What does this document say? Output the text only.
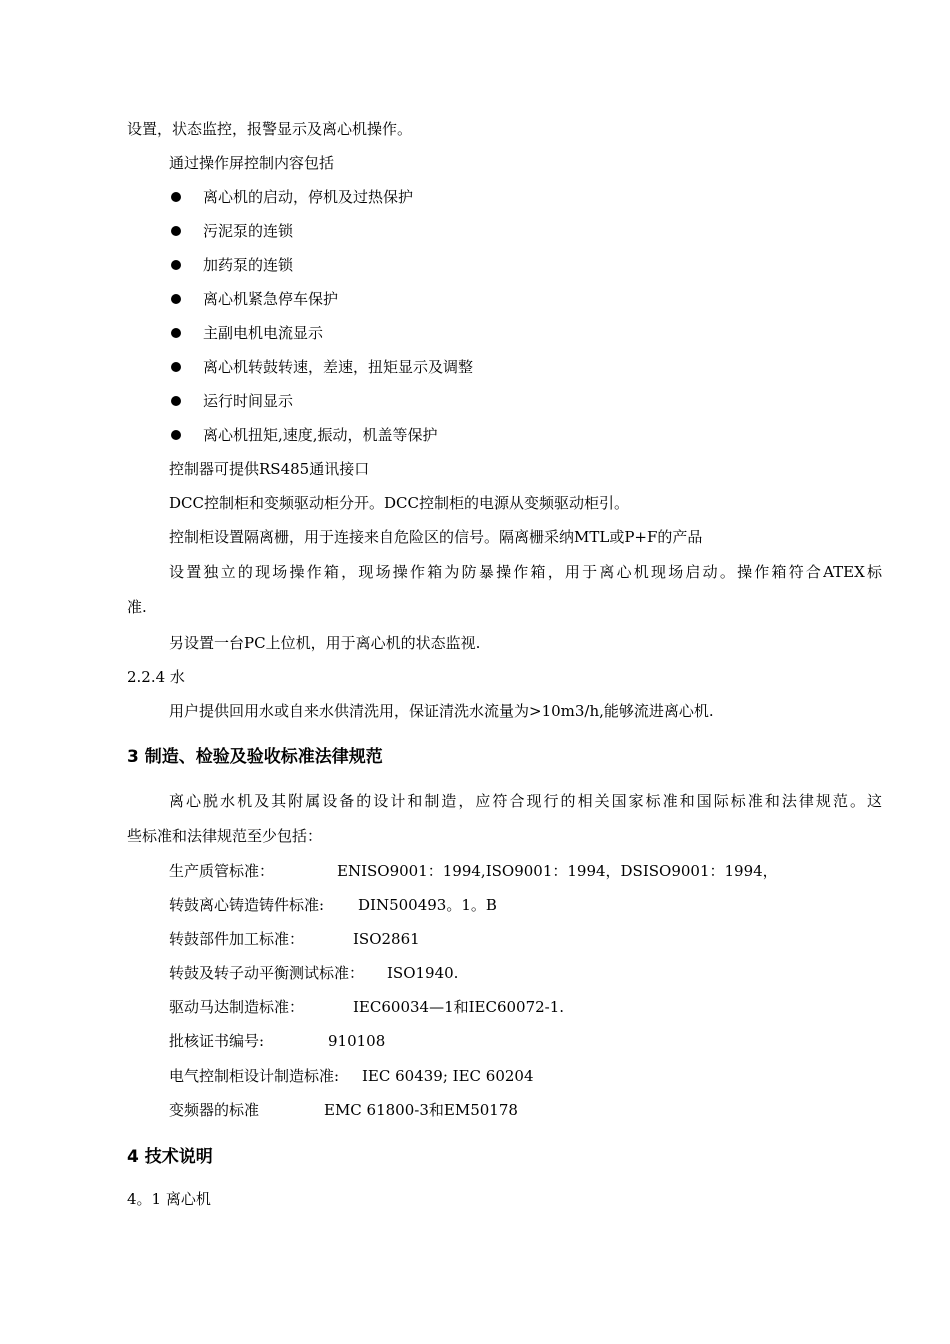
设置，状态监控，报警显示及离心机操作。
通过操作屏控制内容包括
离心机的启动，停机及过热保护
污泥泵的连锁
加药泵的连锁
离心机紧急停车保护
主副电机电流显示
离心机转鼓转速，差速，扭矩显示及调整
运行时间显示
离心机扭矩,速度,振动，机盖等保护
控制器可提供RS485通讯接口
DCC控制柜和变频驱动柜分开。DCC控制柜的电源从变频驱动柜引。
控制柜设置隔离栅，用于连接来自危险区的信号。隔离栅采纳MTL或P+F的产品
设置独立的现场操作箱，现场操作箱为防暴操作箱，用于离心机现场启动。操作箱符合ATEX标
准.
另设置一台PC上位机，用于离心机的状态监视.
2.2.4 水
用户提供回用水或自来水供清洗用，保证清洗水流量为>10m3/h,能够流进离心机.
3 制造、检验及验收标准法律规范
离心脱水机及其附属设备的设计和制造，应符合现行的相关国家标准和国际标准和法律规范。这
些标准和法律规范至少包括：
生产质管标准：	ENISO9001：1994,ISO9001：1994，DSISO9001：1994，
转鼓离心铸造铸件标准: DIN500493。1。B
转鼓部件加工标准：	ISO2861
转鼓及转子动平衡测试标准： ISO1940.
驱动马达制造标准：	IEC60034—1和IEC60072-1.
批核证书编号:	910108
电气控制柜设计制造标准: IEC 60439; IEC 60204
变频器的标准	EMC 61800-3和EM50178
4 技术说明
4。1 离心机
